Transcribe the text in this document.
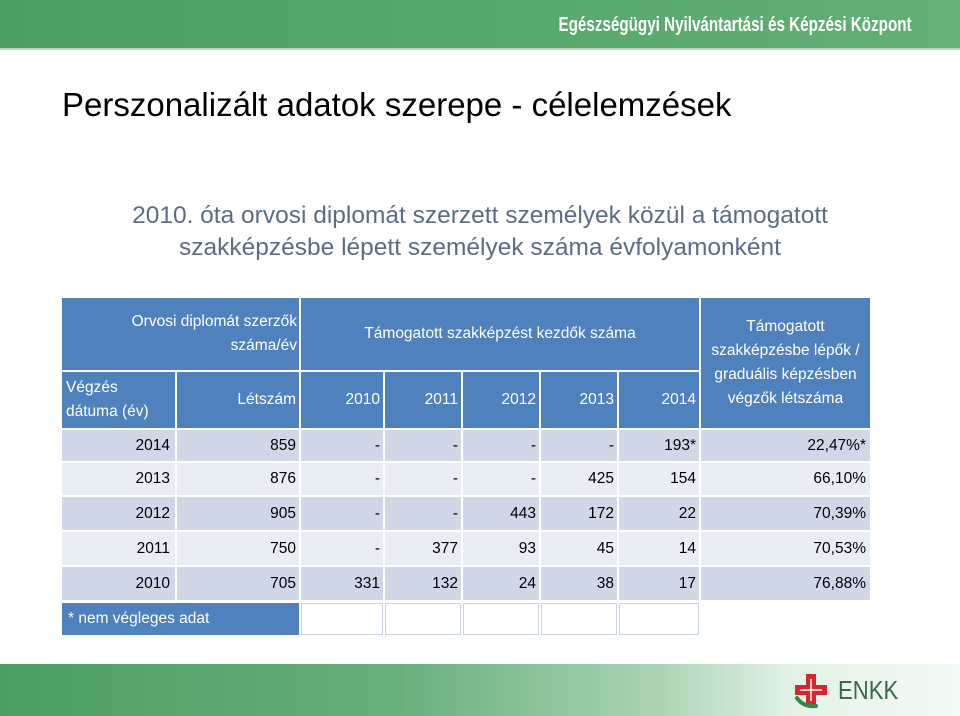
Egészségügyi Nyilvántartási és Képzési Központ
Perszonalizált adatok szerepe - célelemzések
2010. óta orvosi diplomát szerzett személyek közül a támogatott
szakképzésbe lépett személyek száma évfolyamonként
Orvosi diplomát szerzők
száma/év
Végzés
dátuma (év)
Létszám
Támogatott szakképzést kezdők száma
2010	2011	2012	2013	2014
Támogatott
szakképzésbe lépők /
graduális képzésben
végzők létszáma
2014	859	-	-	-	-	193*	22,47%*
2013	876	-	-	-	425	154	66,10%
2012	905	-	-	443	172	22	70,39%
2011	750	-	377	93	45	14	70,53%
2010	705	331	132	24	38	17	76,88%
* nem végleges adat
ENKK
